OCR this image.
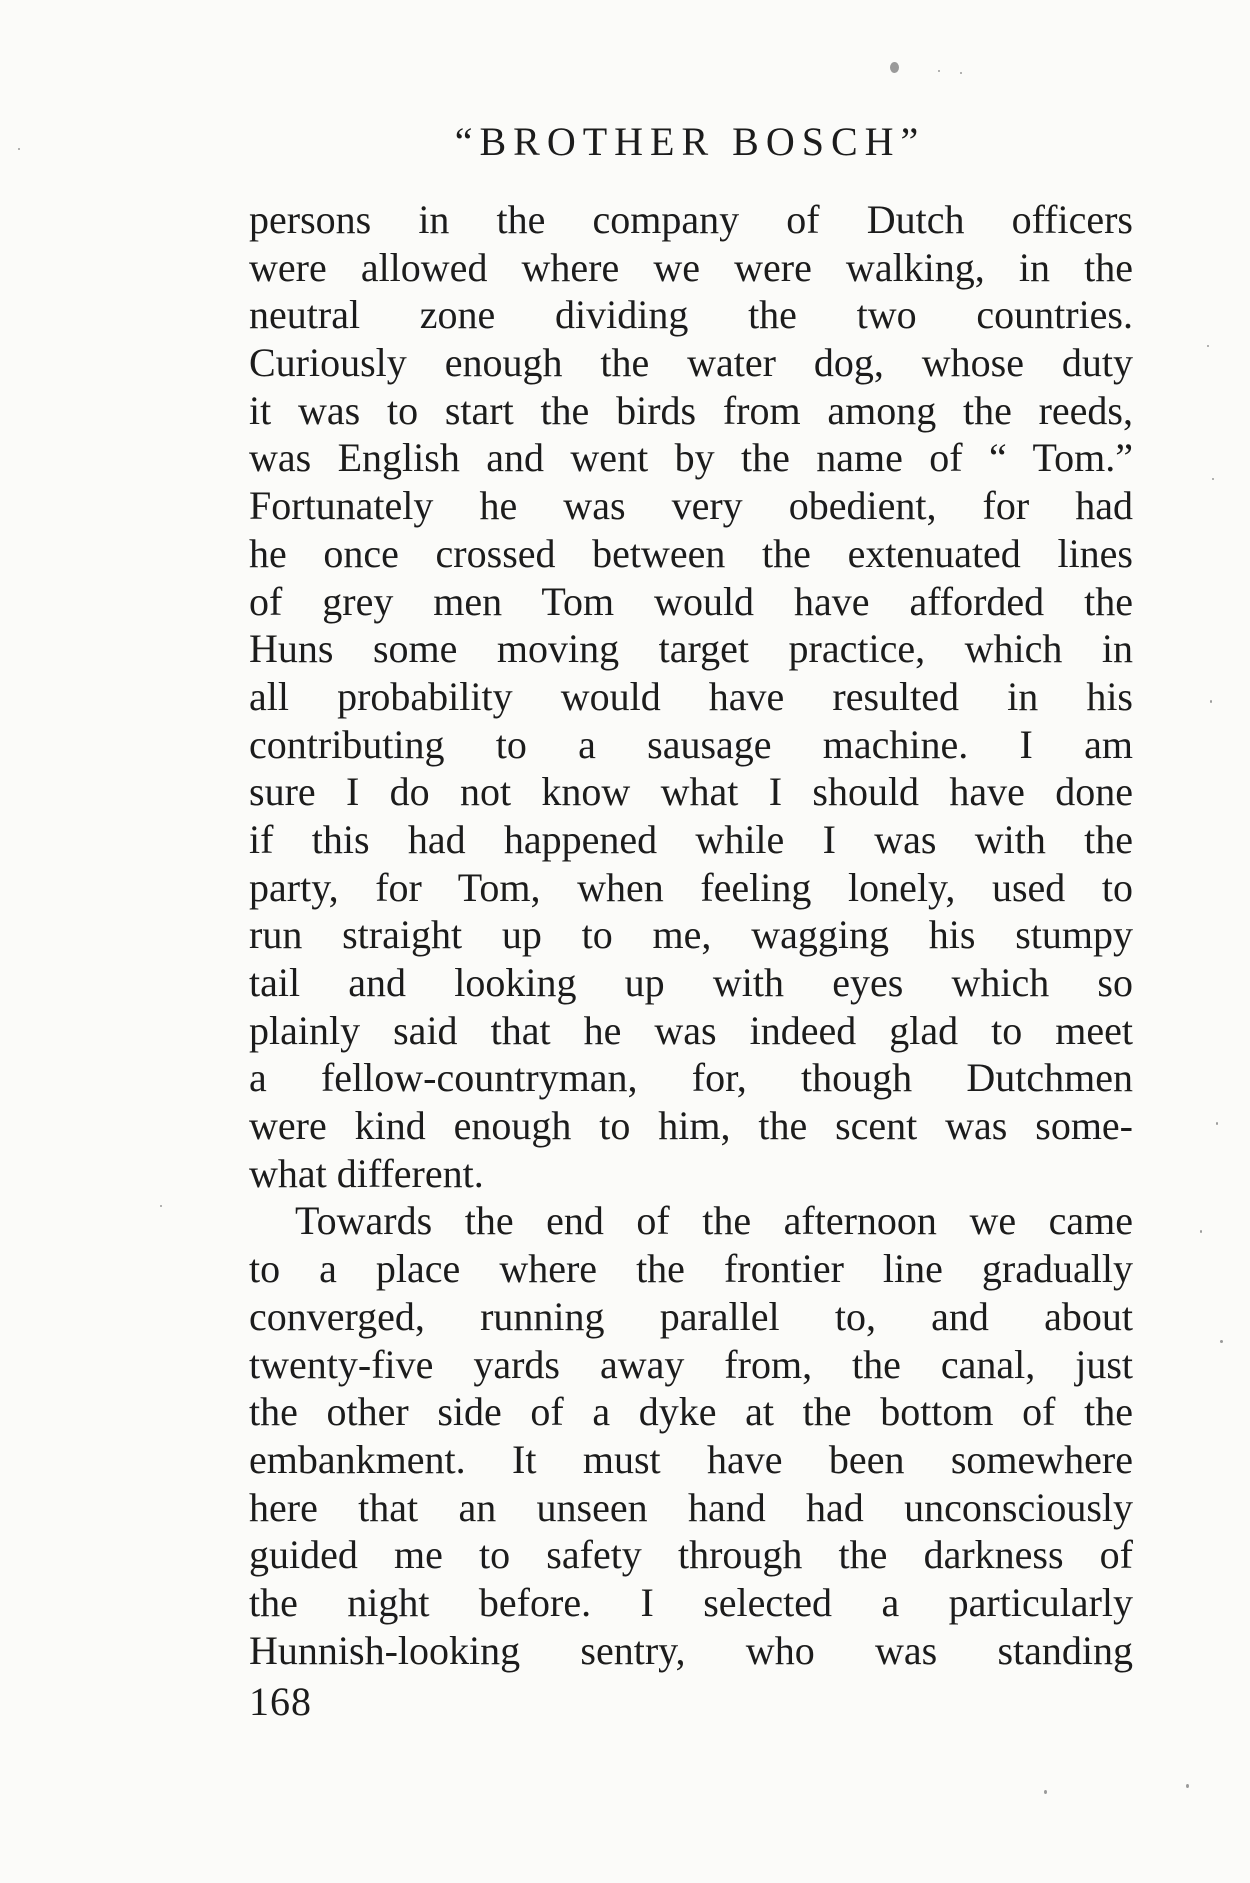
“BROTHER BOSCH”
persons in the company of Dutch officers
were allowed where we were walking, in the
neutral zone dividing the two countries.
Curiously enough the water dog, whose duty
it was to start the birds from among the reeds,
was English and went by the name of “ Tom.”
Fortunately he was very obedient, for had
he once crossed between the extenuated lines
of grey men Tom would have afforded the
Huns some moving target practice, which in
all probability would have resulted in his
contributing to a sausage machine. I am
sure I do not know what I should have done
if this had happened while I was with the
party, for Tom, when feeling lonely, used to
run straight up to me, wagging his stumpy
tail and looking up with eyes which so
plainly said that he was indeed glad to meet
a fellow-countryman, for, though Dutchmen
were kind enough to him, the scent was some-
what different.
Towards the end of the afternoon we came
to a place where the frontier line gradually
converged, running parallel to, and about
twenty-five yards away from, the canal, just
the other side of a dyke at the bottom of the
embankment. It must have been somewhere
here that an unseen hand had unconsciously
guided me to safety through the darkness of
the night before. I selected a particularly
Hunnish-looking sentry, who was standing
168
